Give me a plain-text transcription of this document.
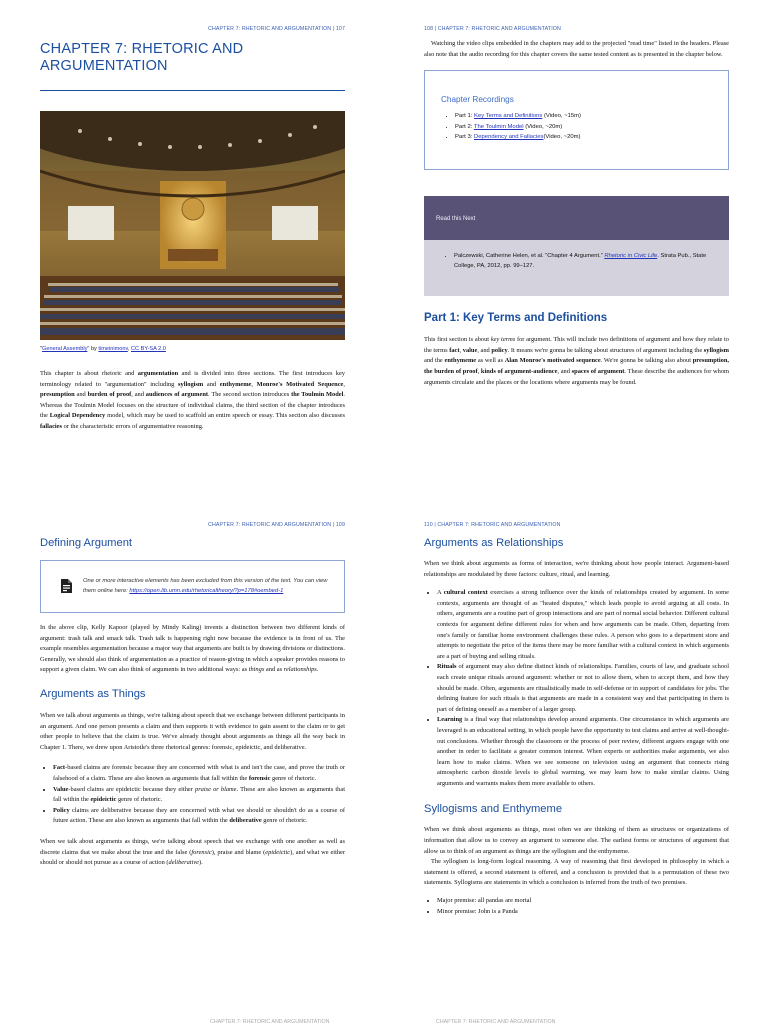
CHAPTER 7: RHETORIC AND ARGUMENTATION | 107
CHAPTER 7: RHETORIC AND ARGUMENTATION
"General Assembly" by timeinimonv, CC BY-SA 2.0

This chapter is about rhetoric and argumentation and is divided into three sections. The first introduces key terminology related to "argumentation" including syllogism and enthymeme, Monroe's Motivated Sequence, presumption and burden of proof, and audiences of argument. The second section introduces the Toulmin Model. Whereas the Toulmin Model focuses on the structure of individual claims, the third section of the chapter introduces the Logical Dependency model, which may be used to scaffold an entire speech or essay. This section also discusses fallacies or the characteristic errors of argumentative reasoning.

108 | CHAPTER 7: RHETORIC AND ARGUMENTATION

Watching the video clips embedded in the chapters may add to the projected "read time" listed in the headers. Please also note that the audio recording for this chapter covers the same tested content as is presented in the chapter below.

Chapter Recordings
• Part 1: Key Terms and Definitions (Video, ~15m)
• Part 2: The Toulmin Model (Video, ~20m)
• Part 3: Dependency and Fallacies(Video, ~20m)
Read this Next
• Palczewski, Catherine Helen, et al. "Chapter 4 Argument." Rhetoric in Civic Life. Strata Pub., State College, PA, 2012, pp. 99–127.
Part 1: Key Terms and Definitions

This first section is about key terms for argument. This will include two definitions of argument and how they relate to the terms fact, value, and policy. It means we're gonna be talking about structures of argument including the syllogism and the enthymeme as well as Alan Monroe's motivated sequence. We're gonna be talking also about presumption, the burden of proof, kinds of argument-audience, and spaces of argument. These describe the audiences for whom arguments circulate and the places or the locations where arguments may be found.

CHAPTER 7: RHETORIC AND ARGUMENTATION | 109
Defining Argument
One or more interactive elements has been excluded from this version of the text. You can view them online here: https://open.lib.umn.edu/rhetoricaltheory/?p=178#oembed-1

In the above clip, Kelly Kapoor (played by Mindy Kaling) invents a distinction between two different kinds of argument: trash talk and smack talk. Trash talk is happening right now because the evidence is in front of us. The example resembles argumentation because a major way that arguments are built is by drawing divisions or distinctions. Generally, we should also think of argumentation as a practice of reason-giving in which a speaker provides reasons to support a given claim. We can also think of arguments in two additional ways: as things and as relationships.

Arguments as Things

When we talk about arguments as things, we're talking about speech that we exchange between different participants in an argument. And one person presents a claim and then supports it with evidence to gain assent to the claim or to get other people to believe that the claim is true. We've already thought about arguments as things all the way back in Chapter 1. There, we drew upon Aristotle's three rhetorical genres: forensic, epideictic, and deliberative.

• Fact-based claims are forensic because they are concerned with what is and isn't the case, and prove the truth or falsehood of a claim. These are also known as arguments that fall within the forensic genre of rhetoric.
• Value-based claims are epideictic because they either praise or blame. These are also known as arguments that fall within the epideictic genre of rhetoric.
• Policy claims are deliberative because they are concerned with what we should or shouldn't do as a course of future action. These are also known as arguments that fall within the deliberative genre of rhetoric.

When we talk about arguments as things, we're talking about speech that we exchange with one another as well as discrete claims that we make about the true and the false (forensic), praise and blame (epideictic), and what we either should or should not pursue as a course of action (deliberative).

110 | CHAPTER 7: RHETORIC AND ARGUMENTATION
Arguments as Relationships

When we think about arguments as forms of interaction, we're thinking about how people interact. Argument-based relationships are modulated by three factors: culture, ritual, and learning.

• A cultural context exercises a strong influence over the kinds of relationships created by argument. In some contexts, arguments are thought of as "heated disputes," which leads people to avoid arguing at all costs. In others, arguments are a routine part of group interactions and are part of normal social behavior. Different cultural contexts for argument define different rules for when and how arguments can be made. Often, departing from one's family or familiar home environment challenges these rules. A person who goes to a department store and attempts to negotiate the price of the items there may be more familiar with a cultural context in which arguments are a part of buying and selling rituals.
• Rituals of argument may also define distinct kinds of relationships. Families, courts of law, and graduate school each create unique rituals around argument: whether or not to allow them, when to accept them, and how they should be made. Often, arguments are ritualistically made in self-defense or in support of candidates for jobs. The defining feature for such rituals is that arguments are made in a consistent way and that participating in them is part of defining oneself as a member of a larger group.
• Learning is a final way that relationships develop around arguments. One circumstance in which arguments are leveraged is an educational setting, in which people have the opportunity to test claims and arrive at well-thought-out conclusions. Whether through the classroom or the process of peer review, different arguers engage with one another in order to facilitate a greater common interest. When experts or authorities make arguments, we also learn how to make claims. When we see someone on television using an argument that connects rising atmospheric carbon dioxide levels to global warming, we may learn how to make similar claims. Using arguments and warrants makes them more available to others.
Syllogisms and Enthymeme

When we think about arguments as things, most often we are thinking of them as structures or organizations of information that allow us to convey an argument to someone else. The earliest forms or structures of argument that allow us to think of an argument as things are the syllogism and the enthymeme.

The syllogism is long-form logical reasoning. A way of reasoning that first developed in philosophy in which a statement is offered, a second statement is offered, and a conclusion is provided that is a permutation of these two statements. Syllogisms are statements in which a conclusion is inferred from the truth of two premises.

• Major premise: all pandas are mortal
• Minor premise: John is a Panda
CHAPTER 7: RHETORIC AND ARGUMENTATION	CHAPTER 7: RHETORIC AND ARGUMENTATION
